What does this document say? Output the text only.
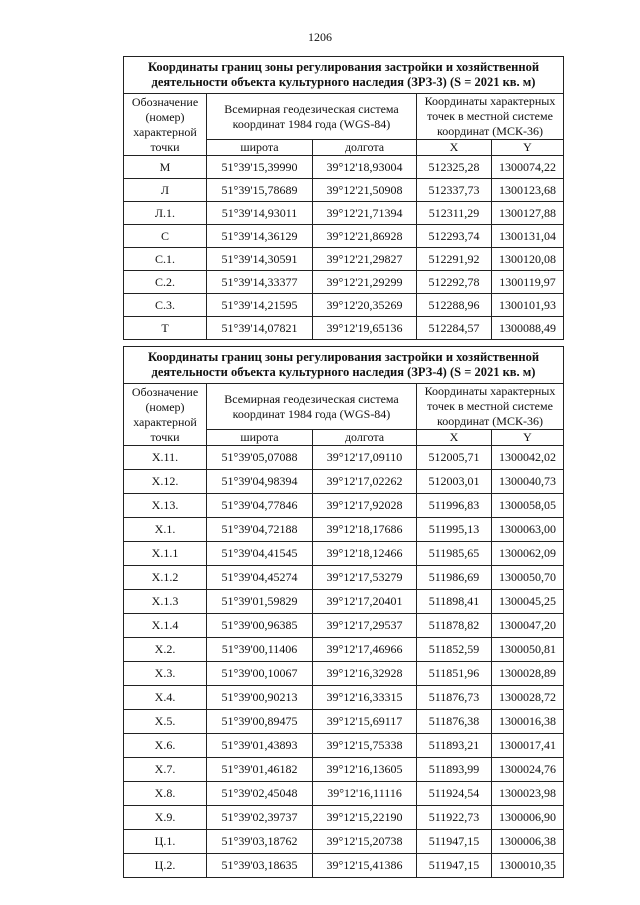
1206
Координаты границ зоны регулирования застройки и хозяйственной деятельности объекта культурного наследия (ЗРЗ-3) (S = 2021 кв. м)				
Обозначение (номер) характерной точки	Всемирная геодезическая система координат 1984 года (WGS-84)		Координаты характерных точек в местной системе координат (МСК-36)	
	широта	долгота	X	Y
М	51°39'15,39990	39°12'18,93004	512325,28	1300074,22
Л	51°39'15,78689	39°12'21,50908	512337,73	1300123,68
Л.1.	51°39'14,93011	39°12'21,71394	512311,29	1300127,88
С	51°39'14,36129	39°12'21,86928	512293,74	1300131,04
С.1.	51°39'14,30591	39°12'21,29827	512291,92	1300120,08
С.2.	51°39'14,33377	39°12'21,29299	512292,78	1300119,97
С.3.	51°39'14,21595	39°12'20,35269	512288,96	1300101,93
Т	51°39'14,07821	39°12'19,65136	512284,57	1300088,49
Координаты границ зоны регулирования застройки и хозяйственной деятельности объекта культурного наследия (ЗРЗ-4) (S = 2021 кв. м)				
Обозначение (номер) характерной точки	Всемирная геодезическая система координат 1984 года (WGS-84)		Координаты характерных точек в местной системе координат (МСК-36)	
	широта	долгота	X	Y
Х.11.	51°39'05,07088	39°12'17,09110	512005,71	1300042,02
Х.12.	51°39'04,98394	39°12'17,02262	512003,01	1300040,73
Х.13.	51°39'04,77846	39°12'17,92028	511996,83	1300058,05
Х.1.	51°39'04,72188	39°12'18,17686	511995,13	1300063,00
Х.1.1	51°39'04,41545	39°12'18,12466	511985,65	1300062,09
Х.1.2	51°39'04,45274	39°12'17,53279	511986,69	1300050,70
Х.1.3	51°39'01,59829	39°12'17,20401	511898,41	1300045,25
Х.1.4	51°39'00,96385	39°12'17,29537	511878,82	1300047,20
Х.2.	51°39'00,11406	39°12'17,46966	511852,59	1300050,81
Х.3.	51°39'00,10067	39°12'16,32928	511851,96	1300028,89
Х.4.	51°39'00,90213	39°12'16,33315	511876,73	1300028,72
Х.5.	51°39'00,89475	39°12'15,69117	511876,38	1300016,38
Х.6.	51°39'01,43893	39°12'15,75338	511893,21	1300017,41
Х.7.	51°39'01,46182	39°12'16,13605	511893,99	1300024,76
Х.8.	51°39'02,45048	39°12'16,11116	511924,54	1300023,98
Х.9.	51°39'02,39737	39°12'15,22190	511922,73	1300006,90
Ц.1.	51°39'03,18762	39°12'15,20738	511947,15	1300006,38
Ц.2.	51°39'03,18635	39°12'15,41386	511947,15	1300010,35
